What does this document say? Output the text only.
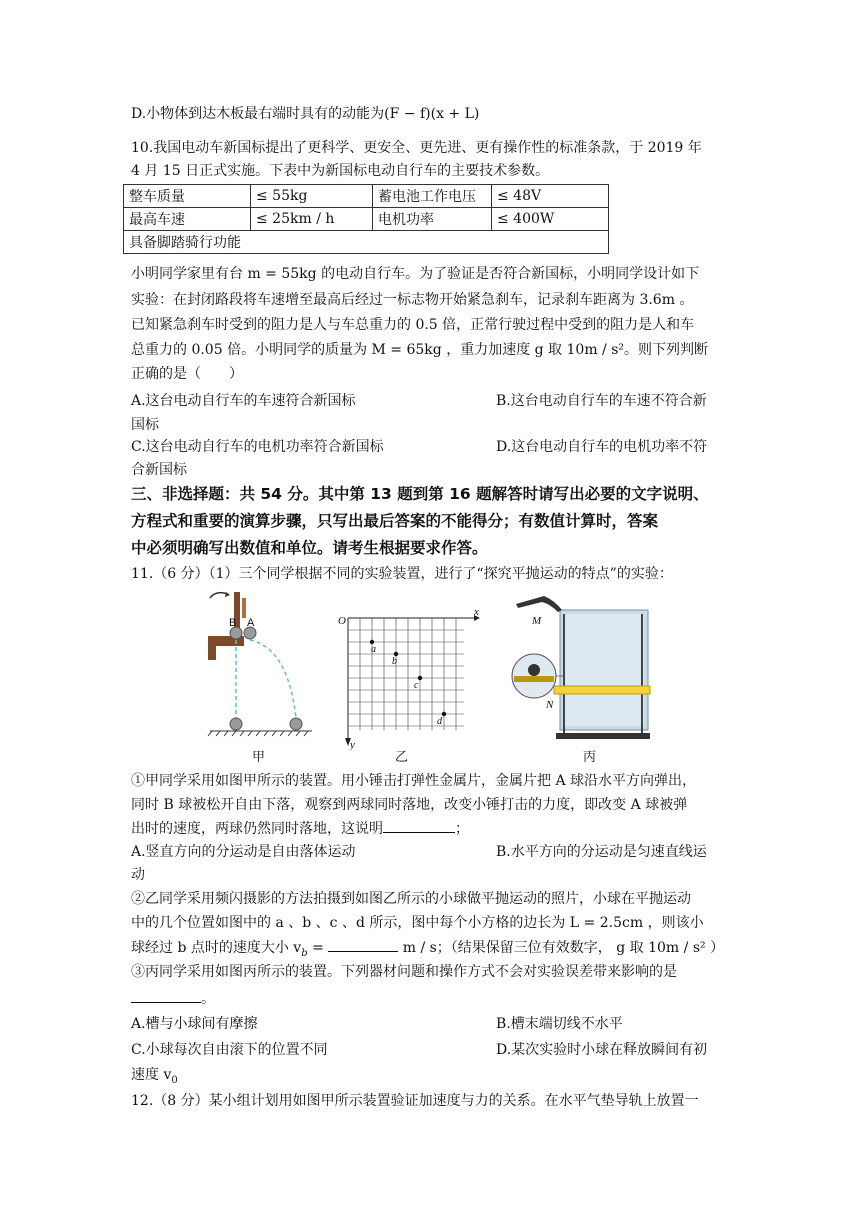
D.小物体到达木板最右端时具有的动能为(F − f)(x + L)
10.我国电动车新国标提出了更科学、更安全、更先进、更有操作性的标准条款，于 2019 年
4 月 15 日正式实施。下表中为新国标电动自行车的主要技术参数。
整车质量	≤ 55kg	蓄电池工作电压	≤ 48V
最高车速	≤ 25km / h	电机功率	≤ 400W
具备脚踏骑行功能			
小明同学家里有台 m = 55kg 的电动自行车。为了验证是否符合新国标，小明同学设计如下
实验：在封闭路段将车速增至最高后经过一标志物开始紧急刹车，记录刹车距离为 3.6m 。
已知紧急刹车时受到的阻力是人与车总重力的 0.5 倍，正常行驶过程中受到的阻力是人和车
总重力的 0.05 倍。小明同学的质量为 M = 65kg ，重力加速度 g 取 10m / s²。则下列判断
正确的是（　　）
A.这台电动自行车的车速符合新国标	B.这台电动自行车的车速不符合新
国标
C.这台电动自行车的电机功率符合新国标	D.这台电动自行车的电机功率不符
合新国标
三、非选择题：共 54 分。其中第 13 题到第 16 题解答时请写出必要的文字说明、
方程式和重要的演算步骤，只写出最后答案的不能得分；有数值计算时，答案
中必须明确写出数值和单位。请考生根据要求作答。
11.（6 分）（1）三个同学根据不同的实验装置，进行了“探究平抛运动的特点”的实验：
B A
甲
O
x
y
a
b
c
d
乙
M
N
丙
①甲同学采用如图甲所示的装置。用小锤击打弹性金属片，金属片把 A 球沿水平方向弹出，
同时 B 球被松开自由下落，观察到两球同时落地，改变小锤打击的力度，即改变 A 球被弹
出时的速度，两球仍然同时落地，这说明	；
A.竖直方向的分运动是自由落体运动	B.水平方向的分运动是匀速直线运
动
②乙同学采用频闪摄影的方法拍摄到如图乙所示的小球做平抛运动的照片，小球在平抛运动
中的几个位置如图中的 a 、b 、c 、d 所示，图中每个小方格的边长为 L = 2.5cm ，则该小
球经过 b 点时的速度大小 $v_b$ =	m / s；（结果保留三位有效数字， g 取 10m / s² ）
③丙同学采用如图丙所示的装置。下列器材问题和操作方式不会对实验误差带来影响的是
。
A.槽与小球间有摩擦	B.槽末端切线不水平
C.小球每次自由滚下的位置不同	D.某次实验时小球在释放瞬间有初
速度 $v_0$
12.（8 分）某小组计划用如图甲所示装置验证加速度与力的关系。在水平气垫导轨上放置一
